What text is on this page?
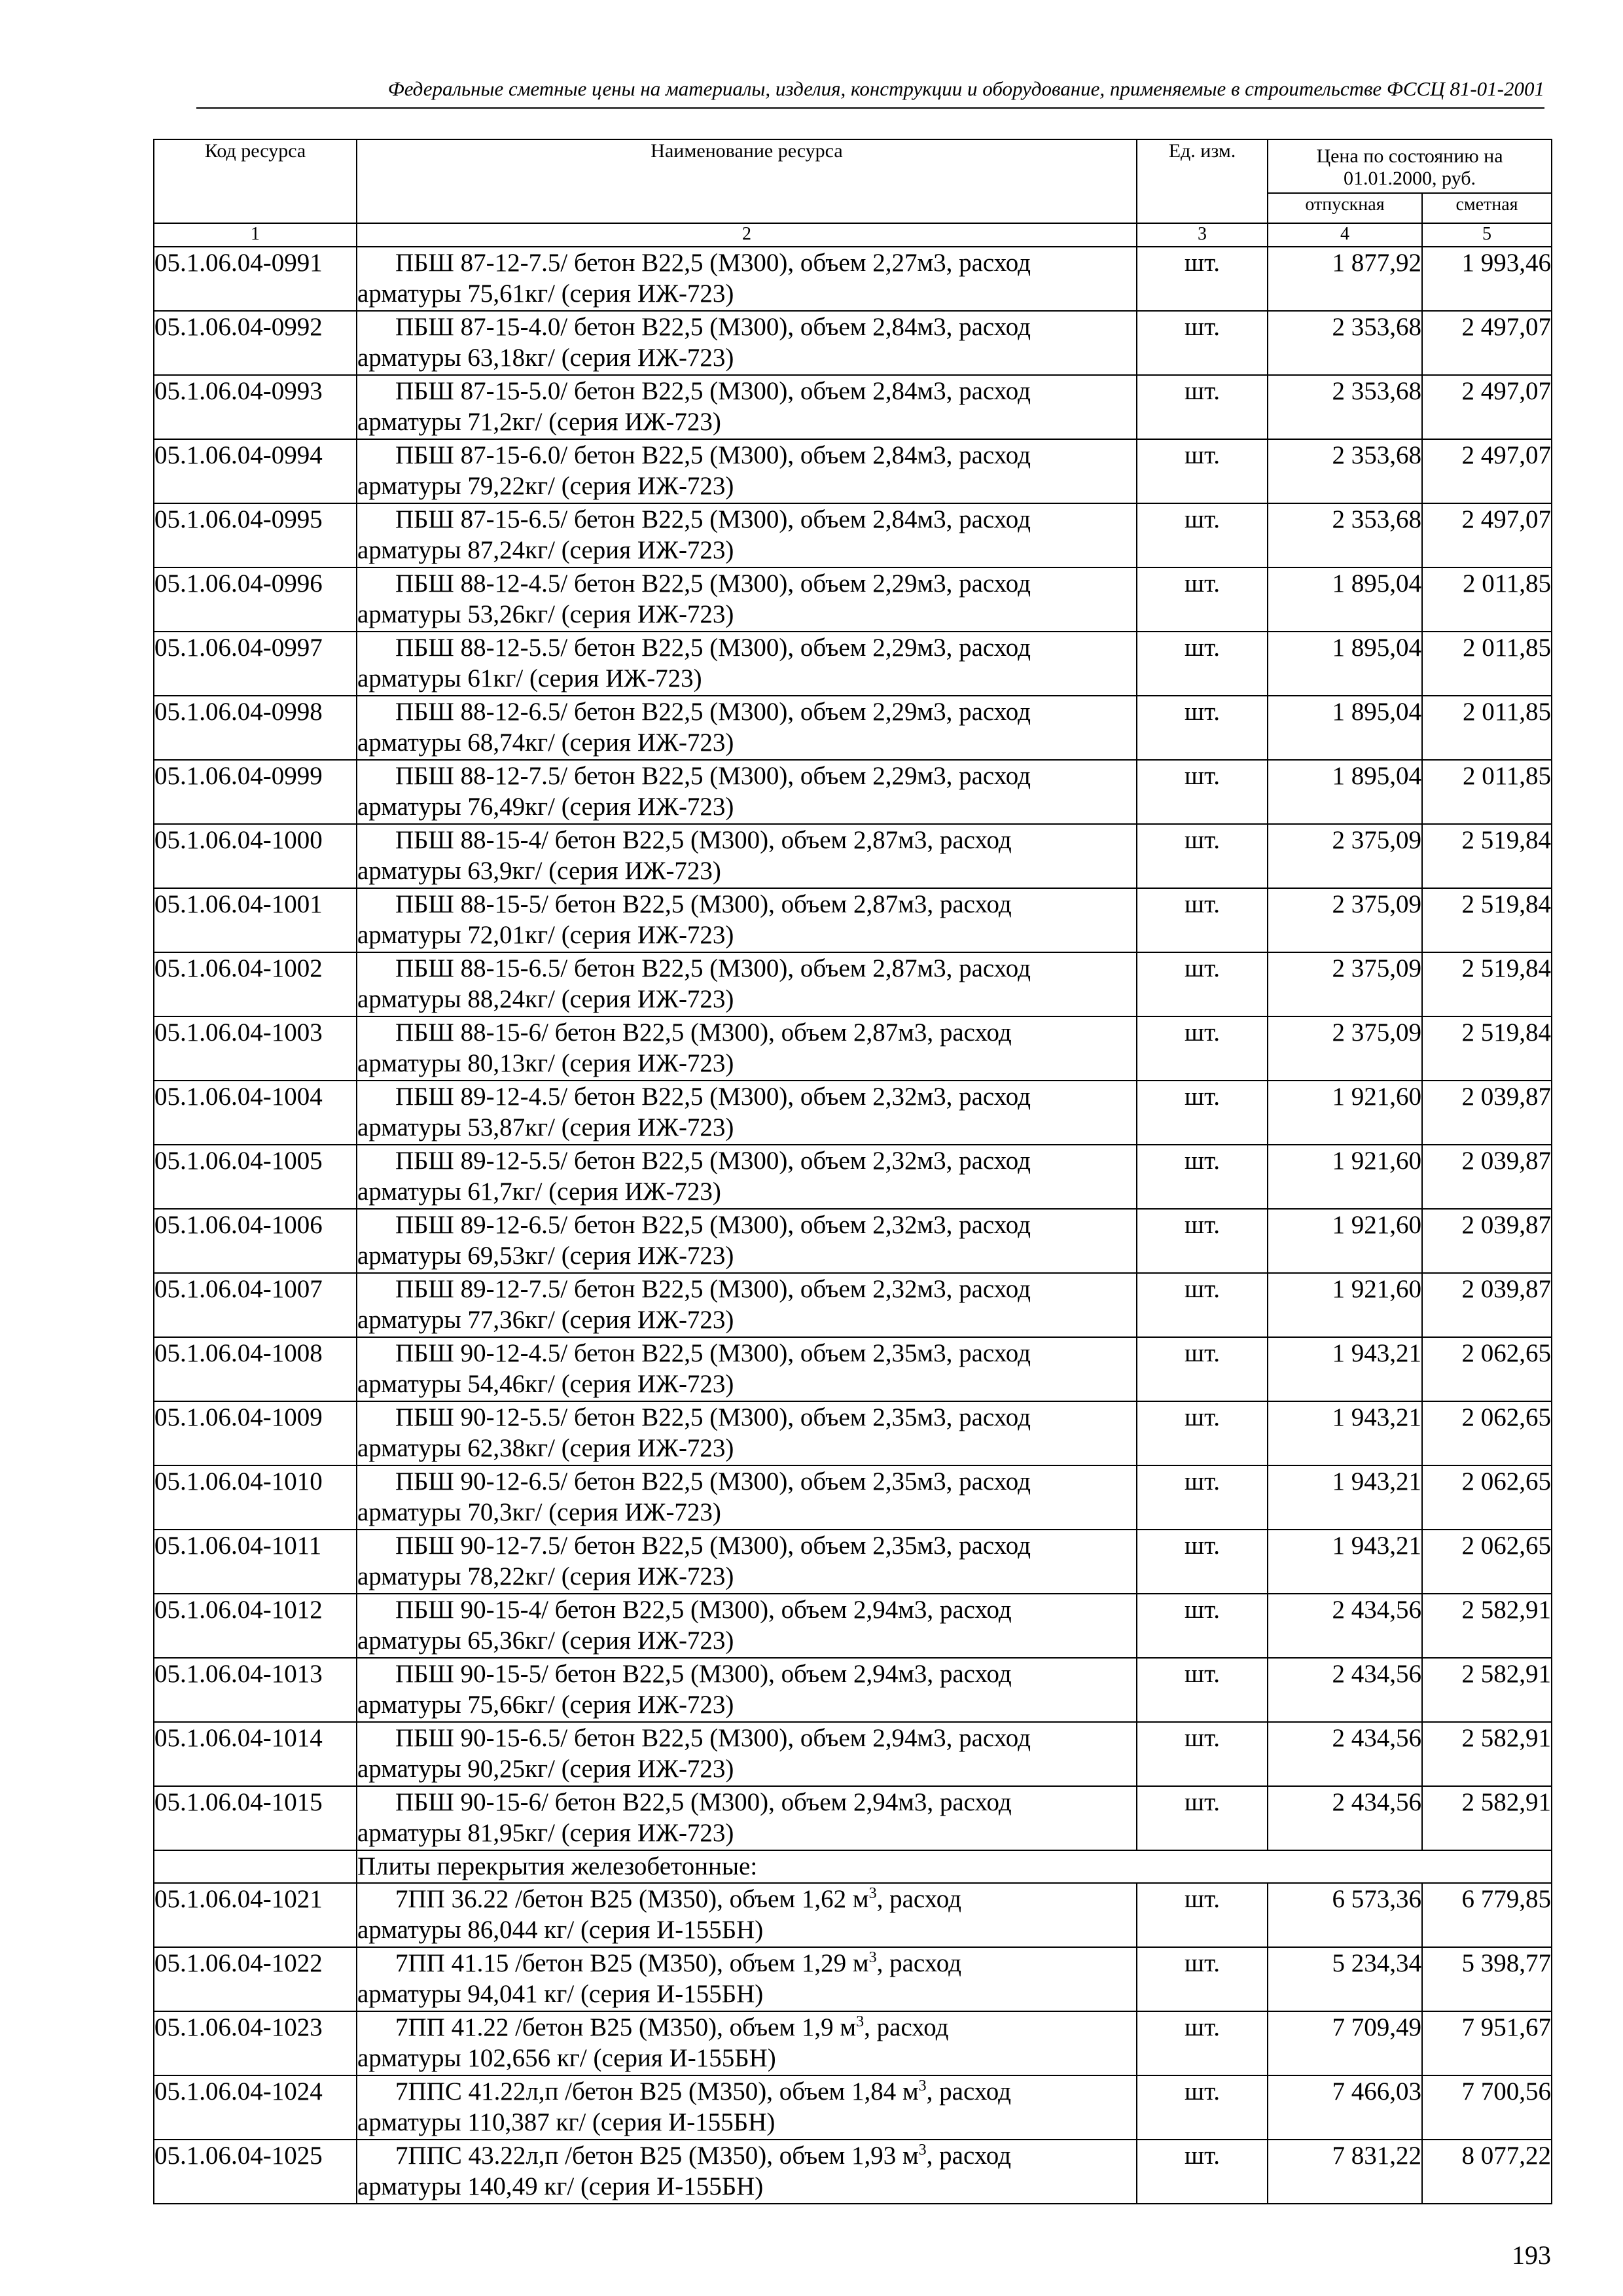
Федеральные сметные цены на материалы, изделия, конструкции и оборудование, применяемые в строительстве ФССЦ 81-01-2001
Код ресурса	Наименование ресурса	Ед. изм.	Цена по состоянию на 01.01.2000, руб.	
			отпускная	сметная
1	2	3	4	5
05.1.06.04-0991	ПБШ 87-12-7.5/ бетон В22,5 (М300), объем 2,27м3, расход
арматуры 75,61кг/ (серия ИЖ-723)	шт.	1 877,92	1 993,46
05.1.06.04-0992	ПБШ 87-15-4.0/ бетон В22,5 (М300), объем 2,84м3, расход
арматуры 63,18кг/ (серия ИЖ-723)	шт.	2 353,68	2 497,07
05.1.06.04-0993	ПБШ 87-15-5.0/ бетон В22,5 (М300), объем 2,84м3, расход
арматуры 71,2кг/ (серия ИЖ-723)	шт.	2 353,68	2 497,07
05.1.06.04-0994	ПБШ 87-15-6.0/ бетон В22,5 (М300), объем 2,84м3, расход
арматуры 79,22кг/ (серия ИЖ-723)	шт.	2 353,68	2 497,07
05.1.06.04-0995	ПБШ 87-15-6.5/ бетон В22,5 (М300), объем 2,84м3, расход
арматуры 87,24кг/ (серия ИЖ-723)	шт.	2 353,68	2 497,07
05.1.06.04-0996	ПБШ 88-12-4.5/ бетон В22,5 (М300), объем 2,29м3, расход
арматуры 53,26кг/ (серия ИЖ-723)	шт.	1 895,04	2 011,85
05.1.06.04-0997	ПБШ 88-12-5.5/ бетон В22,5 (М300), объем 2,29м3, расход
арматуры 61кг/ (серия ИЖ-723)	шт.	1 895,04	2 011,85
05.1.06.04-0998	ПБШ 88-12-6.5/ бетон В22,5 (М300), объем 2,29м3, расход
арматуры 68,74кг/ (серия ИЖ-723)	шт.	1 895,04	2 011,85
05.1.06.04-0999	ПБШ 88-12-7.5/ бетон В22,5 (М300), объем 2,29м3, расход
арматуры 76,49кг/ (серия ИЖ-723)	шт.	1 895,04	2 011,85
05.1.06.04-1000	ПБШ 88-15-4/ бетон В22,5 (М300), объем 2,87м3, расход
арматуры 63,9кг/ (серия ИЖ-723)	шт.	2 375,09	2 519,84
05.1.06.04-1001	ПБШ 88-15-5/ бетон В22,5 (М300), объем 2,87м3, расход
арматуры 72,01кг/ (серия ИЖ-723)	шт.	2 375,09	2 519,84
05.1.06.04-1002	ПБШ 88-15-6.5/ бетон В22,5 (М300), объем 2,87м3, расход
арматуры 88,24кг/ (серия ИЖ-723)	шт.	2 375,09	2 519,84
05.1.06.04-1003	ПБШ 88-15-6/ бетон В22,5 (М300), объем 2,87м3, расход
арматуры 80,13кг/ (серия ИЖ-723)	шт.	2 375,09	2 519,84
05.1.06.04-1004	ПБШ 89-12-4.5/ бетон В22,5 (М300), объем 2,32м3, расход
арматуры 53,87кг/ (серия ИЖ-723)	шт.	1 921,60	2 039,87
05.1.06.04-1005	ПБШ 89-12-5.5/ бетон В22,5 (М300), объем 2,32м3, расход
арматуры 61,7кг/ (серия ИЖ-723)	шт.	1 921,60	2 039,87
05.1.06.04-1006	ПБШ 89-12-6.5/ бетон В22,5 (М300), объем 2,32м3, расход
арматуры 69,53кг/ (серия ИЖ-723)	шт.	1 921,60	2 039,87
05.1.06.04-1007	ПБШ 89-12-7.5/ бетон В22,5 (М300), объем 2,32м3, расход
арматуры 77,36кг/ (серия ИЖ-723)	шт.	1 921,60	2 039,87
05.1.06.04-1008	ПБШ 90-12-4.5/ бетон В22,5 (М300), объем 2,35м3, расход
арматуры 54,46кг/ (серия ИЖ-723)	шт.	1 943,21	2 062,65
05.1.06.04-1009	ПБШ 90-12-5.5/ бетон В22,5 (М300), объем 2,35м3, расход
арматуры 62,38кг/ (серия ИЖ-723)	шт.	1 943,21	2 062,65
05.1.06.04-1010	ПБШ 90-12-6.5/ бетон В22,5 (М300), объем 2,35м3, расход
арматуры 70,3кг/ (серия ИЖ-723)	шт.	1 943,21	2 062,65
05.1.06.04-1011	ПБШ 90-12-7.5/ бетон В22,5 (М300), объем 2,35м3, расход
арматуры 78,22кг/ (серия ИЖ-723)	шт.	1 943,21	2 062,65
05.1.06.04-1012	ПБШ 90-15-4/ бетон В22,5 (М300), объем 2,94м3, расход
арматуры 65,36кг/ (серия ИЖ-723)	шт.	2 434,56	2 582,91
05.1.06.04-1013	ПБШ 90-15-5/ бетон В22,5 (М300), объем 2,94м3, расход
арматуры 75,66кг/ (серия ИЖ-723)	шт.	2 434,56	2 582,91
05.1.06.04-1014	ПБШ 90-15-6.5/ бетон В22,5 (М300), объем 2,94м3, расход
арматуры 90,25кг/ (серия ИЖ-723)	шт.	2 434,56	2 582,91
05.1.06.04-1015	ПБШ 90-15-6/ бетон В22,5 (М300), объем 2,94м3, расход
арматуры 81,95кг/ (серия ИЖ-723)	шт.	2 434,56	2 582,91
	Плиты перекрытия железобетонные:			
05.1.06.04-1021	7ПП 36.22 /бетон В25 (М350), объем 1,62 $м^3$, расход
арматуры 86,044 кг/ (серия И-155БН)	шт.	6 573,36	6 779,85
05.1.06.04-1022	7ПП 41.15 /бетон В25 (М350), объем 1,29 $м^3$, расход
арматуры 94,041 кг/ (серия И-155БН)	шт.	5 234,34	5 398,77
05.1.06.04-1023	7ПП 41.22 /бетон В25 (М350), объем 1,9 $м^3$, расход
арматуры 102,656 кг/ (серия И-155БН)	шт.	7 709,49	7 951,67
05.1.06.04-1024	7ППС 41.22л,п /бетон В25 (М350), объем 1,84 $м^3$, расход
арматуры 110,387 кг/ (серия И-155БН)	шт.	7 466,03	7 700,56
05.1.06.04-1025	7ППС 43.22л,п /бетон В25 (М350), объем 1,93 $м^3$, расход
арматуры 140,49 кг/ (серия И-155БН)	шт.	7 831,22	8 077,22
193
